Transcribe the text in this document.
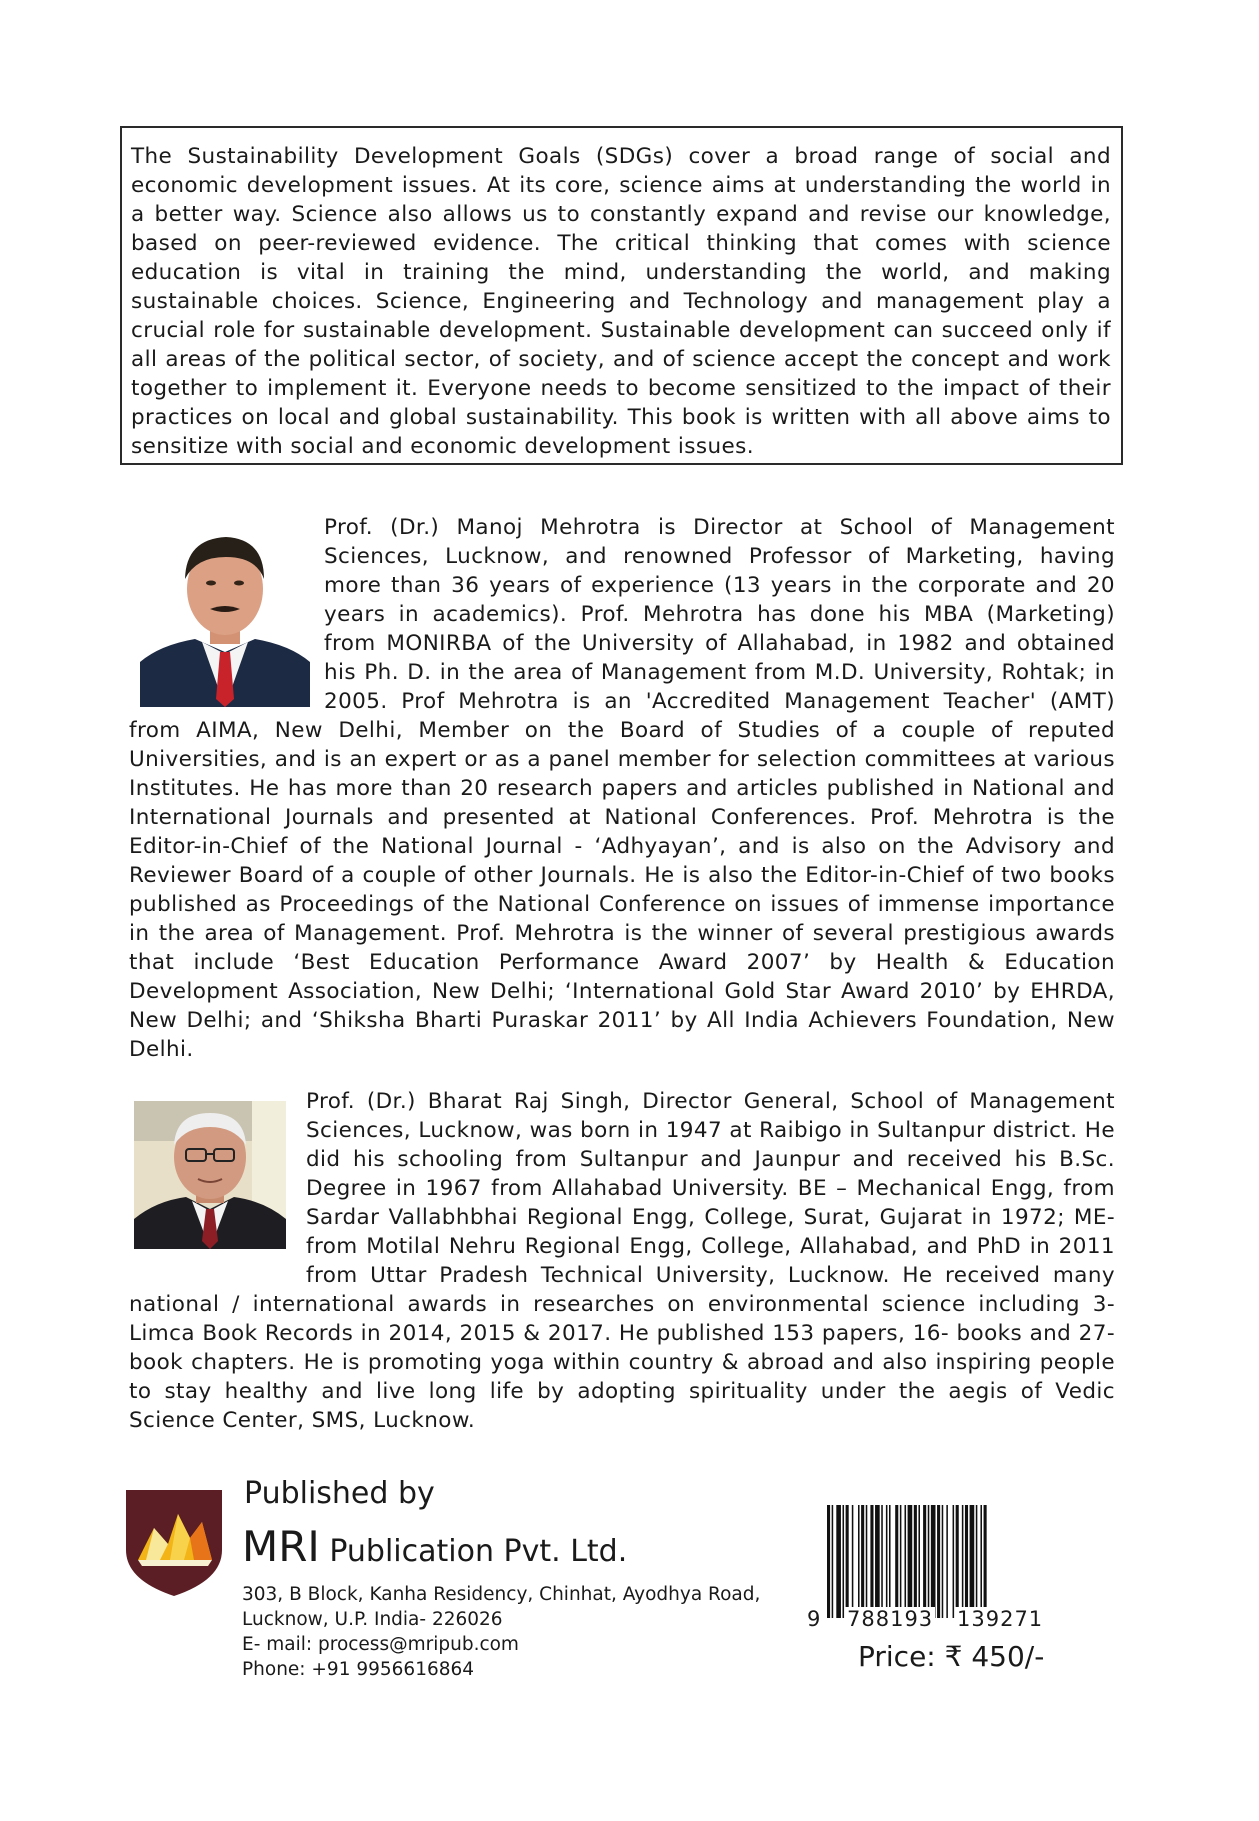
The Sustainability Development Goals (SDGs) cover a broad range of social and economic development issues. At its core, science aims at understanding the world in a better way. Science also allows us to constantly expand and revise our knowledge, based on peer-reviewed evidence. The critical thinking that comes with science education is vital in training the mind, understanding the world, and making sustainable choices. Science, Engineering and Technology and management play a crucial role for sustainable development. Sustainable development can succeed only if all areas of the political sector, of society, and of science accept the concept and work together to implement it. Everyone needs to become sensitized to the impact of their practices on local and global sustainability. This book is written with all above aims to sensitize with social and economic development issues.
Prof. (Dr.) Manoj Mehrotra is Director at School of Management Sciences, Lucknow, and renowned Professor of Marketing, having more than 36 years of experience (13 years in the corporate and 20 years in academics). Prof. Mehrotra has done his MBA (Marketing) from MONIRBA of the University of Allahabad, in 1982 and obtained his Ph. D. in the area of Management from M.D. University, Rohtak; in 2005. Prof Mehrotra is an 'Accredited Management Teacher' (AMT) from AIMA, New Delhi, Member on the Board of Studies of a couple of reputed Universities, and is an expert or as a panel member for selection committees at various Institutes. He has more than 20 research papers and articles published in National and International Journals and presented at National Conferences. Prof. Mehrotra is the Editor-in-Chief of the National Journal - ‘Adhyayan’, and is also on the Advisory and Reviewer Board of a couple of other Journals. He is also the Editor-in-Chief of two books published as Proceedings of the National Conference on issues of immense importance in the area of Management. Prof. Mehrotra is the winner of several prestigious awards that include ‘Best Education Performance Award 2007’ by Health & Education Development Association, New Delhi; ‘International Gold Star Award 2010’ by EHRDA, New Delhi; and ‘Shiksha Bharti Puraskar 2011’ by All India Achievers Foundation, New Delhi.
Prof. (Dr.) Bharat Raj Singh, Director General, School of Management Sciences, Lucknow, was born in 1947 at Raibigo in Sultanpur district. He did his schooling from Sultanpur and Jaunpur and received his B.Sc. Degree in 1967 from Allahabad University. BE – Mechanical Engg, from Sardar Vallabhbhai Regional Engg, College, Surat, Gujarat in 1972; ME- from Motilal Nehru Regional Engg, College, Allahabad, and PhD in 2011 from Uttar Pradesh Technical University, Lucknow. He received many national / international awards in researches on environmental science including 3- Limca Book Records in 2014, 2015 & 2017. He published 153 papers, 16- books and 27- book chapters. He is promoting yoga within country & abroad and also inspiring people to stay healthy and live long life by adopting spirituality under the aegis of Vedic Science Center, SMS, Lucknow.
Published by
MRI Publication Pvt. Ltd.
303, B Block, Kanha Residency, Chinhat, Ayodhya Road,
Lucknow, U.P. India- 226026
E- mail: process@mripub.com
Phone: +91 9956616864
9 788193 139271
Price: ₹ 450/-
